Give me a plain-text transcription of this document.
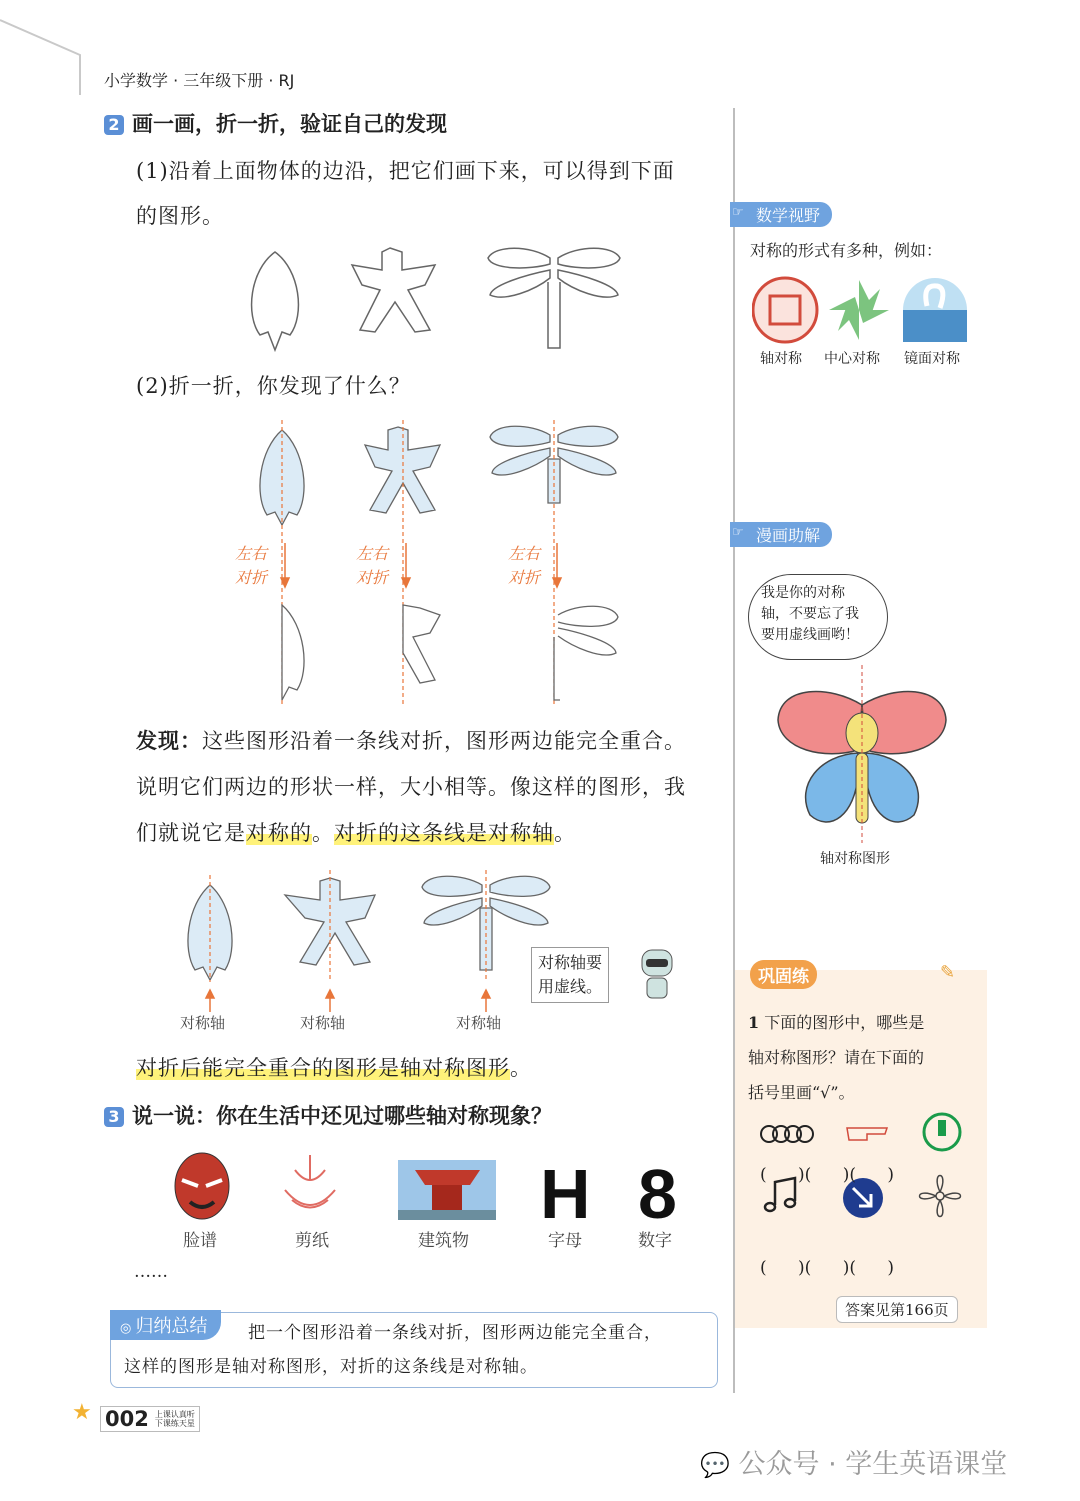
小学数学 · 三年级下册 · RJ
2 画一画，折一折，验证自己的发现
(1)沿着上面物体的边沿，把它们画下来，可以得到下面
的图形。
(2)折一折，你发现了什么？
左右
对折
左右
对折
左右
对折
发现：这些图形沿着一条线对折，图形两边能完全重合。
说明它们两边的形状一样，大小相等。像这样的图形，我
们就说它是对称的。对折的这条线是对称轴。
对称轴	对称轴	对称轴
对称轴要
用虚线。
对折后能完全重合的图形是轴对称图形。
3 说一说：你在生活中还见过哪些轴对称现象？
H 8
脸谱	剪纸	建筑物	字母	数字
……
◎ 归纳总结	把一个图形沿着一条线对折，图形两边能完全重合，
这样的图形是轴对称图形，对折的这条线是对称轴。
★ 002 上课认真听
下课练天星
💬 公众号 · 学生英语课堂
数学视野
☞
对称的形式有多种，例如：
轴对称 中心对称 镜面对称
漫画助解
☞
我是你的对称
轴，不要忘了我
要用虚线画哟！
轴对称图形
巩固练	✎
1 下面的图形中，哪些是
轴对称图形？请在下面的
括号里画“√”。
( )( )( )
( )( )( )
答案见第166页
